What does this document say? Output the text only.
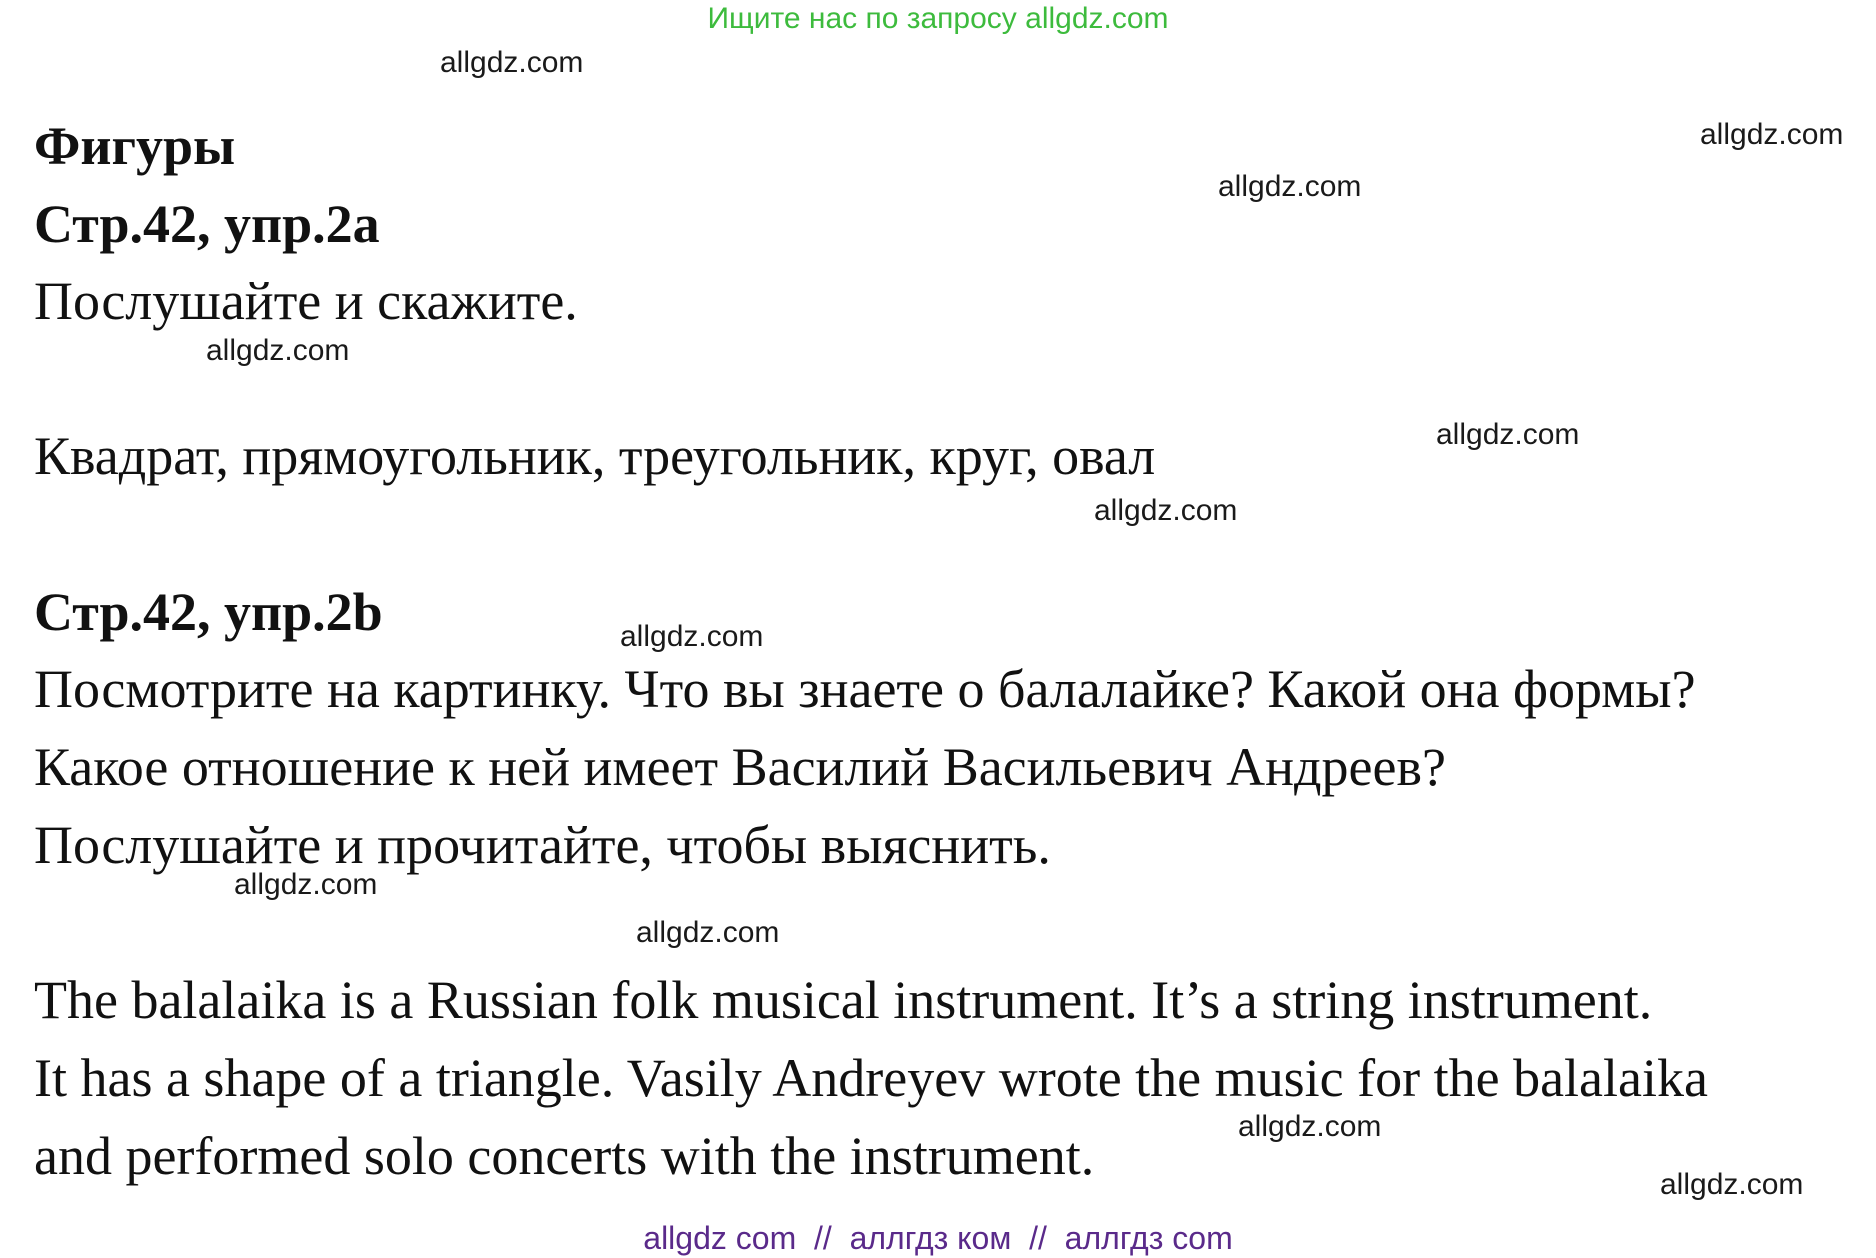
Ищите нас по запросу allgdz.com
allgdz.com
allgdz.com
allgdz.com
allgdz.com
allgdz.com
allgdz.com
allgdz.com
allgdz.com
allgdz.com
allgdz.com
allgdz.com
Фигуры
Стр.42, упр.2a
Послушайте и скажите.
Квадрат, прямоугольник, треугольник, круг, овал
Стр.42, упр.2b
Посмотрите на картинку. Что вы знаете о балалайке? Какой она формы?
Какое отношение к ней имеет Василий Васильевич Андреев?
Послушайте и прочитайте, чтобы выяснить.
The balalaika is a Russian folk musical instrument. It’s a string instrument.
It has a shape of a triangle. Vasily Andreyev wrote the music for the balalaika
and performed solo concerts with the instrument.
allgdz com  //  аллгдз ком  //  аллгдз com
